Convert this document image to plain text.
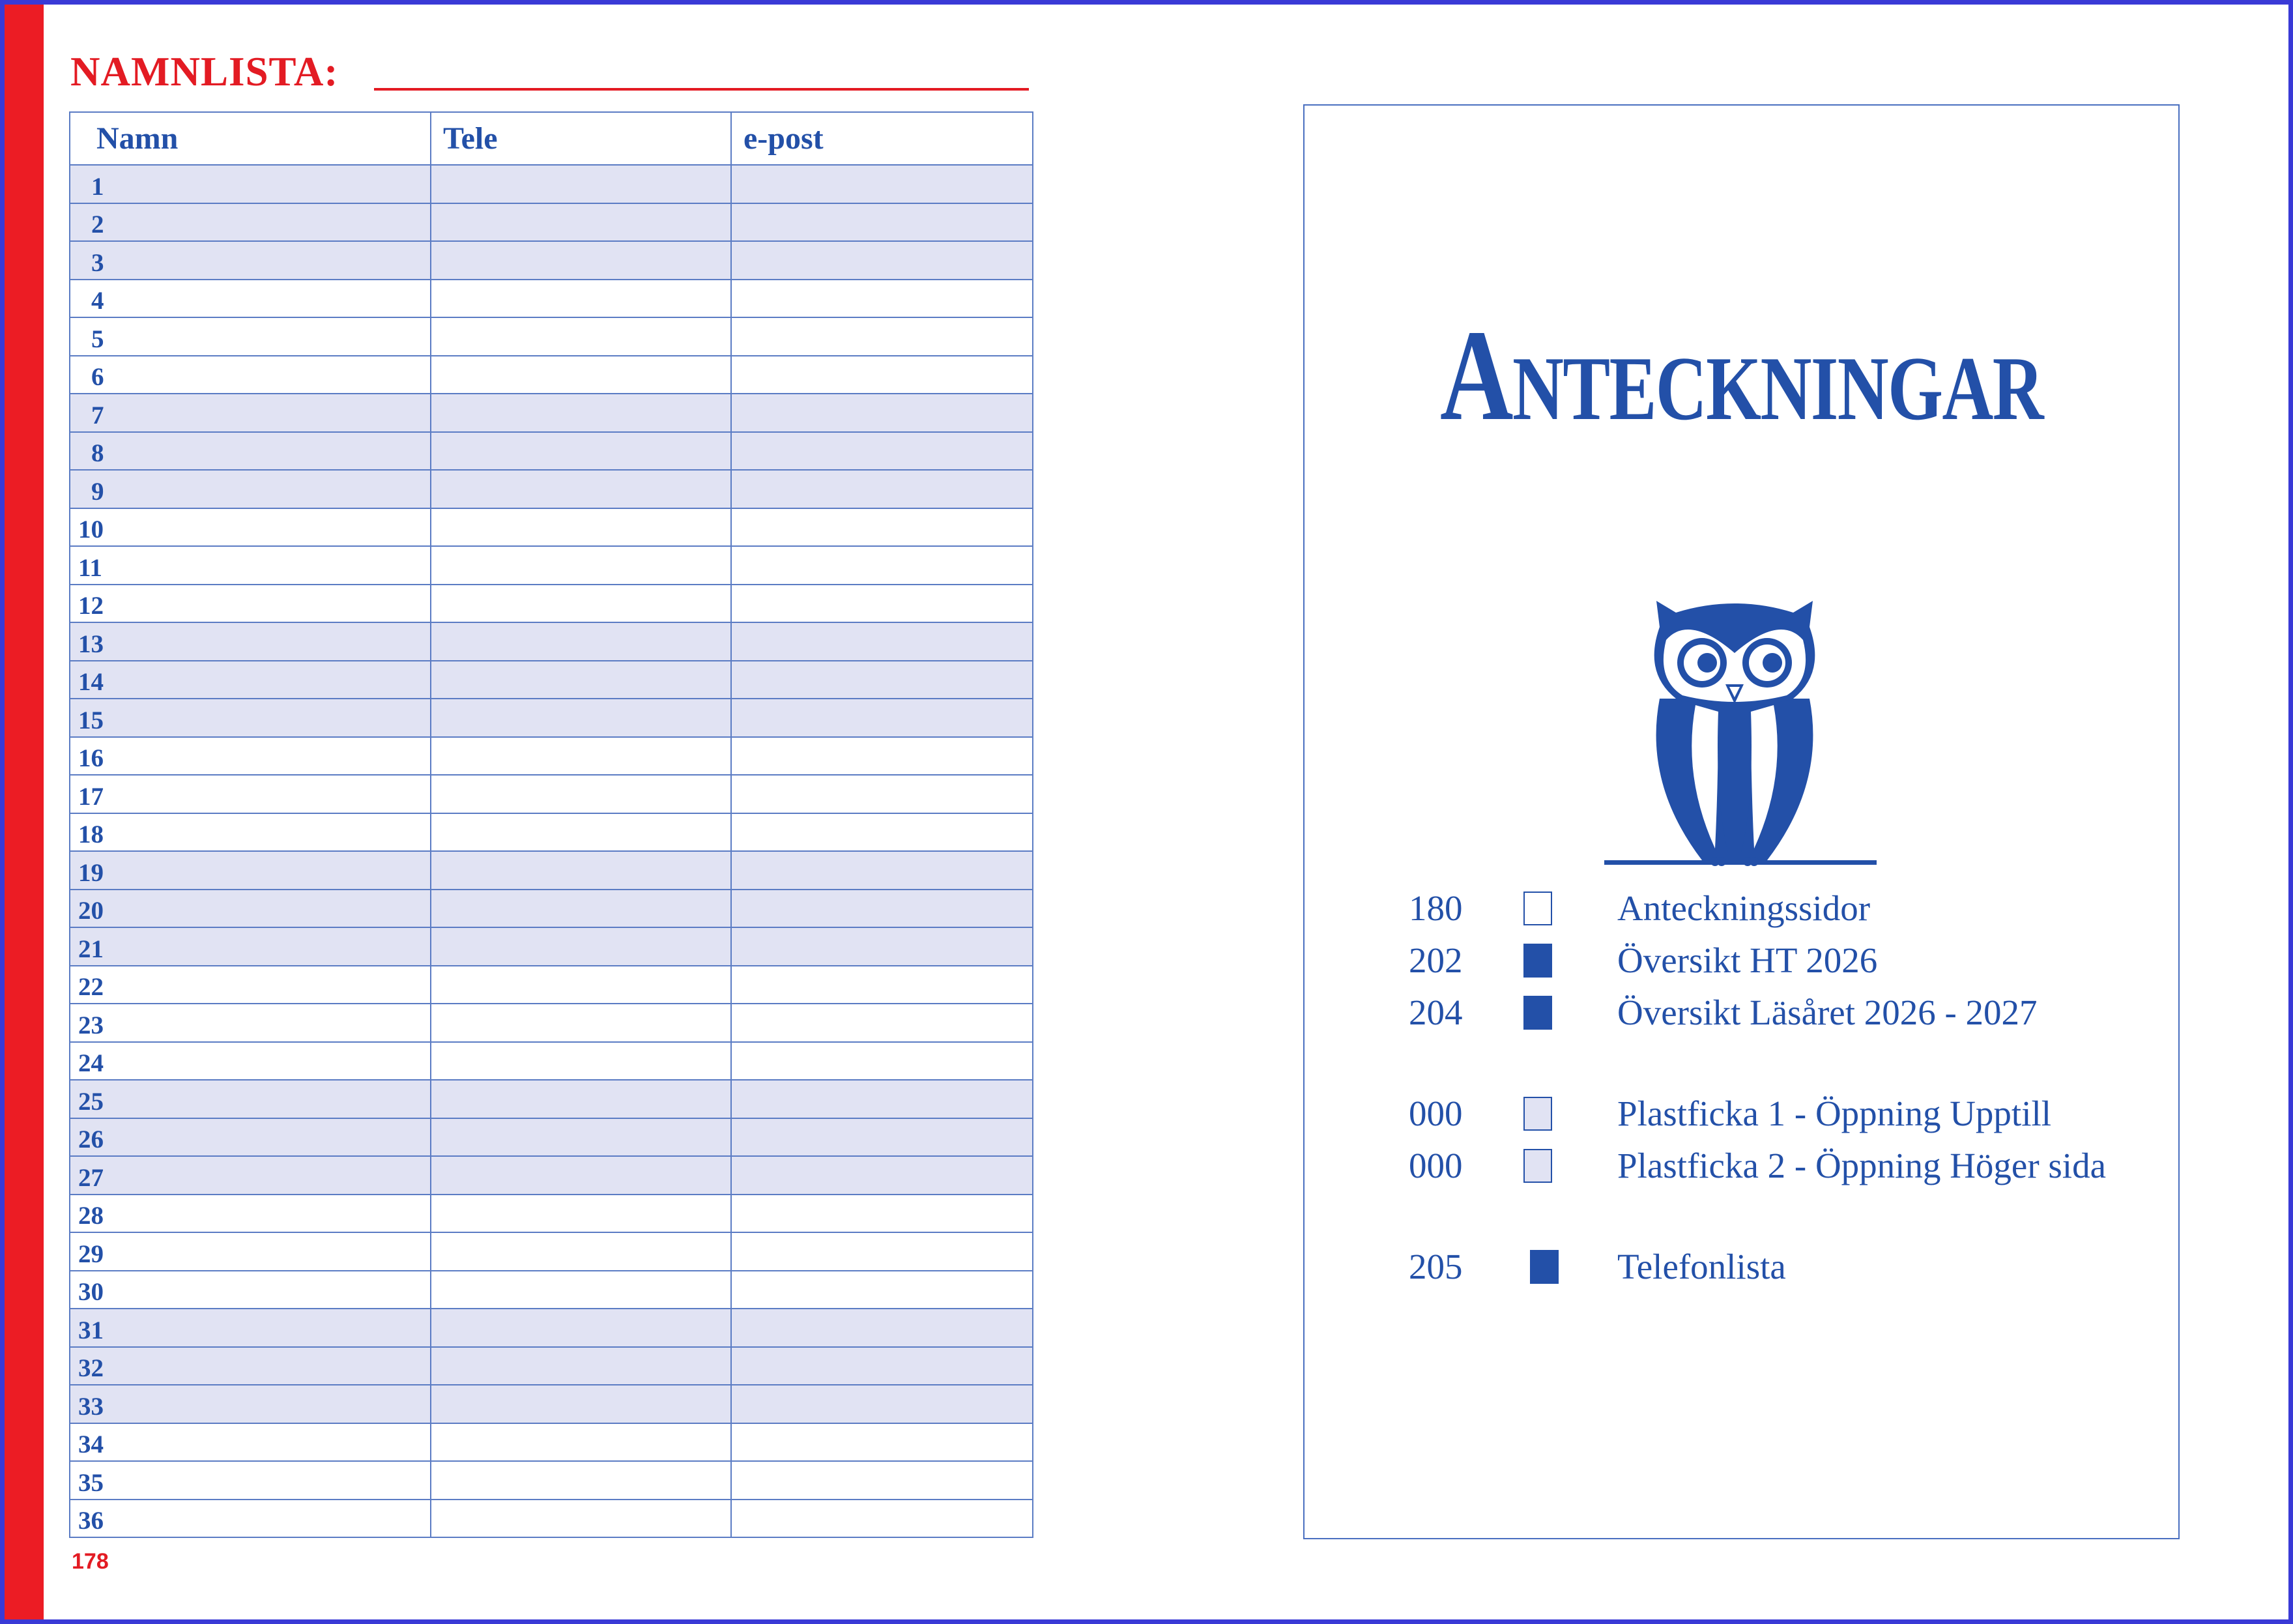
NAMNLISTA:
Namn	Tele	e-post
1		
2		
3		
4		
5		
6		
7		
8		
9		
10		
11		
12		
13		
14		
15		
16		
17		
18		
19		
20		
21		
22		
23		
24		
25		
26		
27		
28		
29		
30		
31		
32		
33		
34		
35		
36		
178
ANTECKNINGAR
180	Anteckningssidor
202	Översikt HT 2026
204	Översikt Läsåret 2026 - 2027
000	Plastficka 1 - Öppning Upptill
000	Plastficka 2 - Öppning Höger sida
205	Telefonlista
